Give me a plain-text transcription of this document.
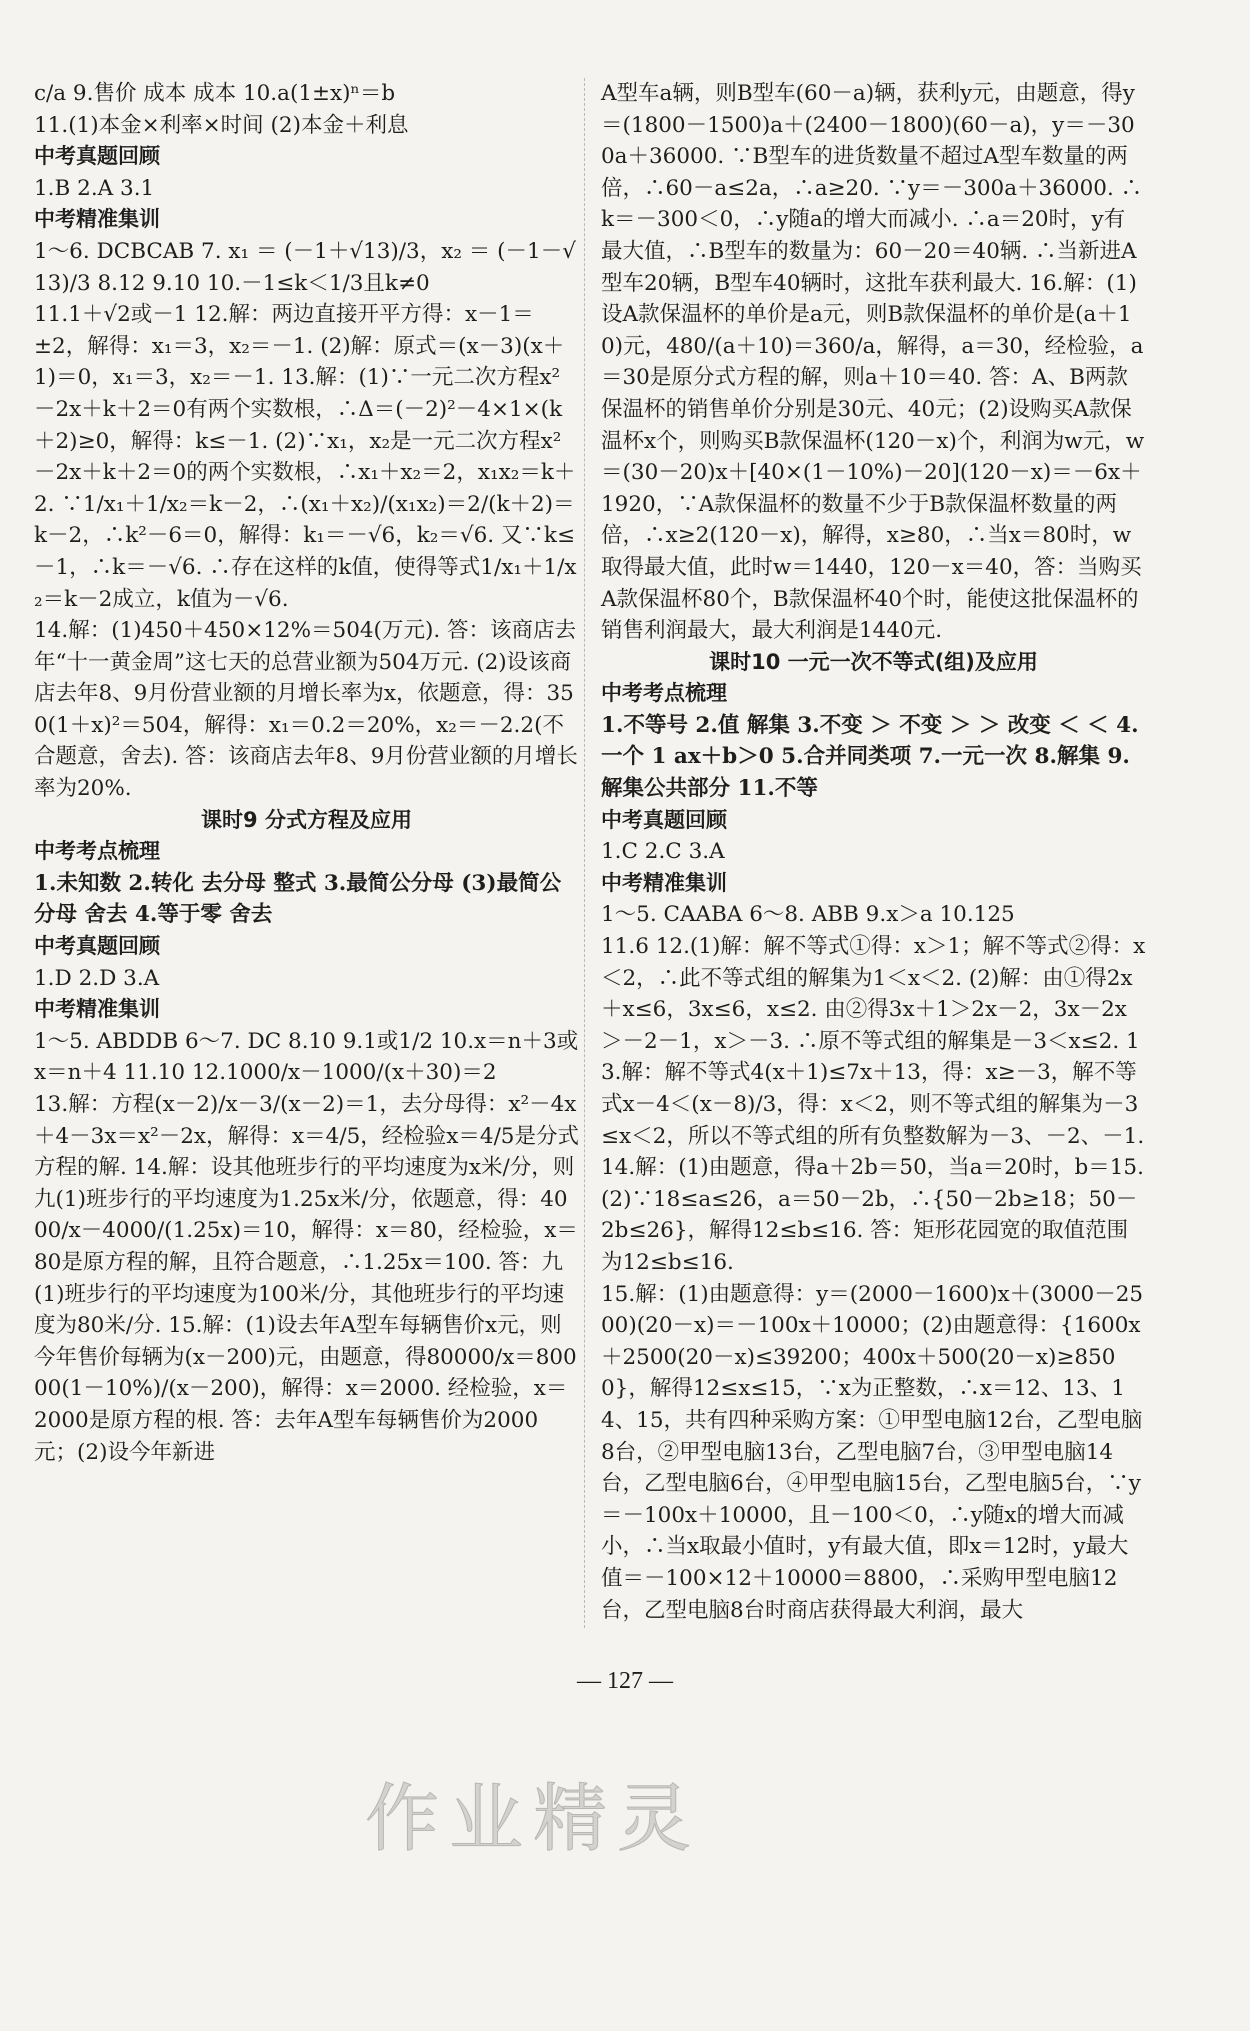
c/a 9.售价 成本 成本 10.a(1±x)ⁿ＝b
11.(1)本金×利率×时间 (2)本金＋利息
中考真题回顾
1.B 2.A 3.1
中考精准集训
1～6. DCBCAB 7. x₁ ＝ (－1＋√13)/3，x₂ ＝ (－1－√13)/3 8.12 9.10 10.－1≤k＜1/3且k≠0
11.1＋√2或－1 12.解：两边直接开平方得：x－1＝±2，解得：x₁＝3，x₂＝－1. (2)解：原式＝(x－3)(x＋1)＝0，x₁＝3，x₂＝－1. 13.解：(1)∵一元二次方程x²－2x＋k＋2＝0有两个实数根，∴Δ＝(－2)²－4×1×(k＋2)≥0，解得：k≤－1. (2)∵x₁，x₂是一元二次方程x²－2x＋k＋2＝0的两个实数根，∴x₁＋x₂＝2，x₁x₂＝k＋2. ∵1/x₁＋1/x₂＝k－2，∴(x₁＋x₂)/(x₁x₂)＝2/(k＋2)＝k－2，∴k²－6＝0，解得：k₁＝－√6，k₂＝√6. 又∵k≤－1，∴k＝－√6. ∴存在这样的k值，使得等式1/x₁＋1/x₂＝k－2成立，k值为－√6.
14.解：(1)450＋450×12%＝504(万元). 答：该商店去年“十一黄金周”这七天的总营业额为504万元. (2)设该商店去年8、9月份营业额的月增长率为x，依题意，得：350(1＋x)²＝504，解得：x₁＝0.2＝20%，x₂＝－2.2(不合题意，舍去). 答：该商店去年8、9月份营业额的月增长率为20%.
课时9 分式方程及应用
中考考点梳理
1.未知数 2.转化 去分母 整式 3.最简公分母 (3)最简公分母 舍去 4.等于零 舍去
中考真题回顾
1.D 2.D 3.A
中考精准集训
1～5. ABDDB 6～7. DC 8.10 9.1或1/2 10.x＝n＋3或x＝n＋4 11.10 12.1000/x－1000/(x＋30)＝2
13.解：方程(x－2)/x－3/(x－2)＝1，去分母得：x²－4x＋4－3x＝x²－2x，解得：x＝4/5，经检验x＝4/5是分式方程的解. 14.解：设其他班步行的平均速度为x米/分，则九(1)班步行的平均速度为1.25x米/分，依题意，得：4000/x－4000/(1.25x)＝10，解得：x＝80，经检验，x＝80是原方程的解，且符合题意，∴1.25x＝100. 答：九(1)班步行的平均速度为100米/分，其他班步行的平均速度为80米/分. 15.解：(1)设去年A型车每辆售价x元，则今年售价每辆为(x－200)元，由题意，得80000/x＝80000(1－10%)/(x－200)，解得：x＝2000. 经检验，x＝2000是原方程的根. 答：去年A型车每辆售价为2000元；(2)设今年新进
A型车a辆，则B型车(60－a)辆，获利y元，由题意，得y＝(1800－1500)a＋(2400－1800)(60－a)，y＝－300a＋36000. ∵B型车的进货数量不超过A型车数量的两倍，∴60－a≤2a，∴a≥20. ∵y＝－300a＋36000. ∴k＝－300＜0，∴y随a的增大而减小. ∴a＝20时，y有最大值，∴B型车的数量为：60－20＝40辆. ∴当新进A型车20辆，B型车40辆时，这批车获利最大. 16.解：(1)设A款保温杯的单价是a元，则B款保温杯的单价是(a＋10)元，480/(a＋10)＝360/a，解得，a＝30，经检验，a＝30是原分式方程的解，则a＋10＝40. 答：A、B两款保温杯的销售单价分别是30元、40元；(2)设购买A款保温杯x个，则购买B款保温杯(120－x)个，利润为w元，w＝(30－20)x＋[40×(1－10%)－20](120－x)＝－6x＋1920，∵A款保温杯的数量不少于B款保温杯数量的两倍，∴x≥2(120－x)，解得，x≥80，∴当x＝80时，w取得最大值，此时w＝1440，120－x＝40，答：当购买A款保温杯80个，B款保温杯40个时，能使这批保温杯的销售利润最大，最大利润是1440元.
课时10 一元一次不等式(组)及应用
中考考点梳理
1.不等号 2.值 解集 3.不变 ＞ 不变 ＞ ＞ 改变 ＜ ＜ 4.一个 1 ax＋b＞0 5.合并同类项 7.一元一次 8.解集 9.解集公共部分 11.不等
中考真题回顾
1.C 2.C 3.A
中考精准集训
1～5. CAABA 6～8. ABB 9.x＞a 10.125
11.6 12.(1)解：解不等式①得：x＞1；解不等式②得：x＜2，∴此不等式组的解集为1＜x＜2. (2)解：由①得2x＋x≤6，3x≤6，x≤2. 由②得3x＋1＞2x－2，3x－2x＞－2－1，x＞－3. ∴原不等式组的解集是－3＜x≤2. 13.解：解不等式4(x＋1)≤7x＋13，得：x≥－3，解不等式x－4＜(x－8)/3，得：x＜2，则不等式组的解集为－3≤x＜2，所以不等式组的所有负整数解为－3、－2、－1. 14.解：(1)由题意，得a＋2b＝50，当a＝20时，b＝15. (2)∵18≤a≤26，a＝50－2b，∴{50－2b≥18；50－2b≤26}，解得12≤b≤16. 答：矩形花园宽的取值范围为12≤b≤16.
15.解：(1)由题意得：y＝(2000－1600)x＋(3000－2500)(20－x)＝－100x＋10000；(2)由题意得：{1600x＋2500(20－x)≤39200；400x＋500(20－x)≥8500}，解得12≤x≤15，∵x为正整数，∴x＝12、13、14、15，共有四种采购方案：①甲型电脑12台，乙型电脑8台，②甲型电脑13台，乙型电脑7台，③甲型电脑14台，乙型电脑6台，④甲型电脑15台，乙型电脑5台，∵y＝－100x＋10000，且－100＜0，∴y随x的增大而减小，∴当x取最小值时，y有最大值，即x＝12时，y最大值＝－100×12＋10000＝8800，∴采购甲型电脑12台，乙型电脑8台时商店获得最大利润，最大
— 127 —
作业精灵
